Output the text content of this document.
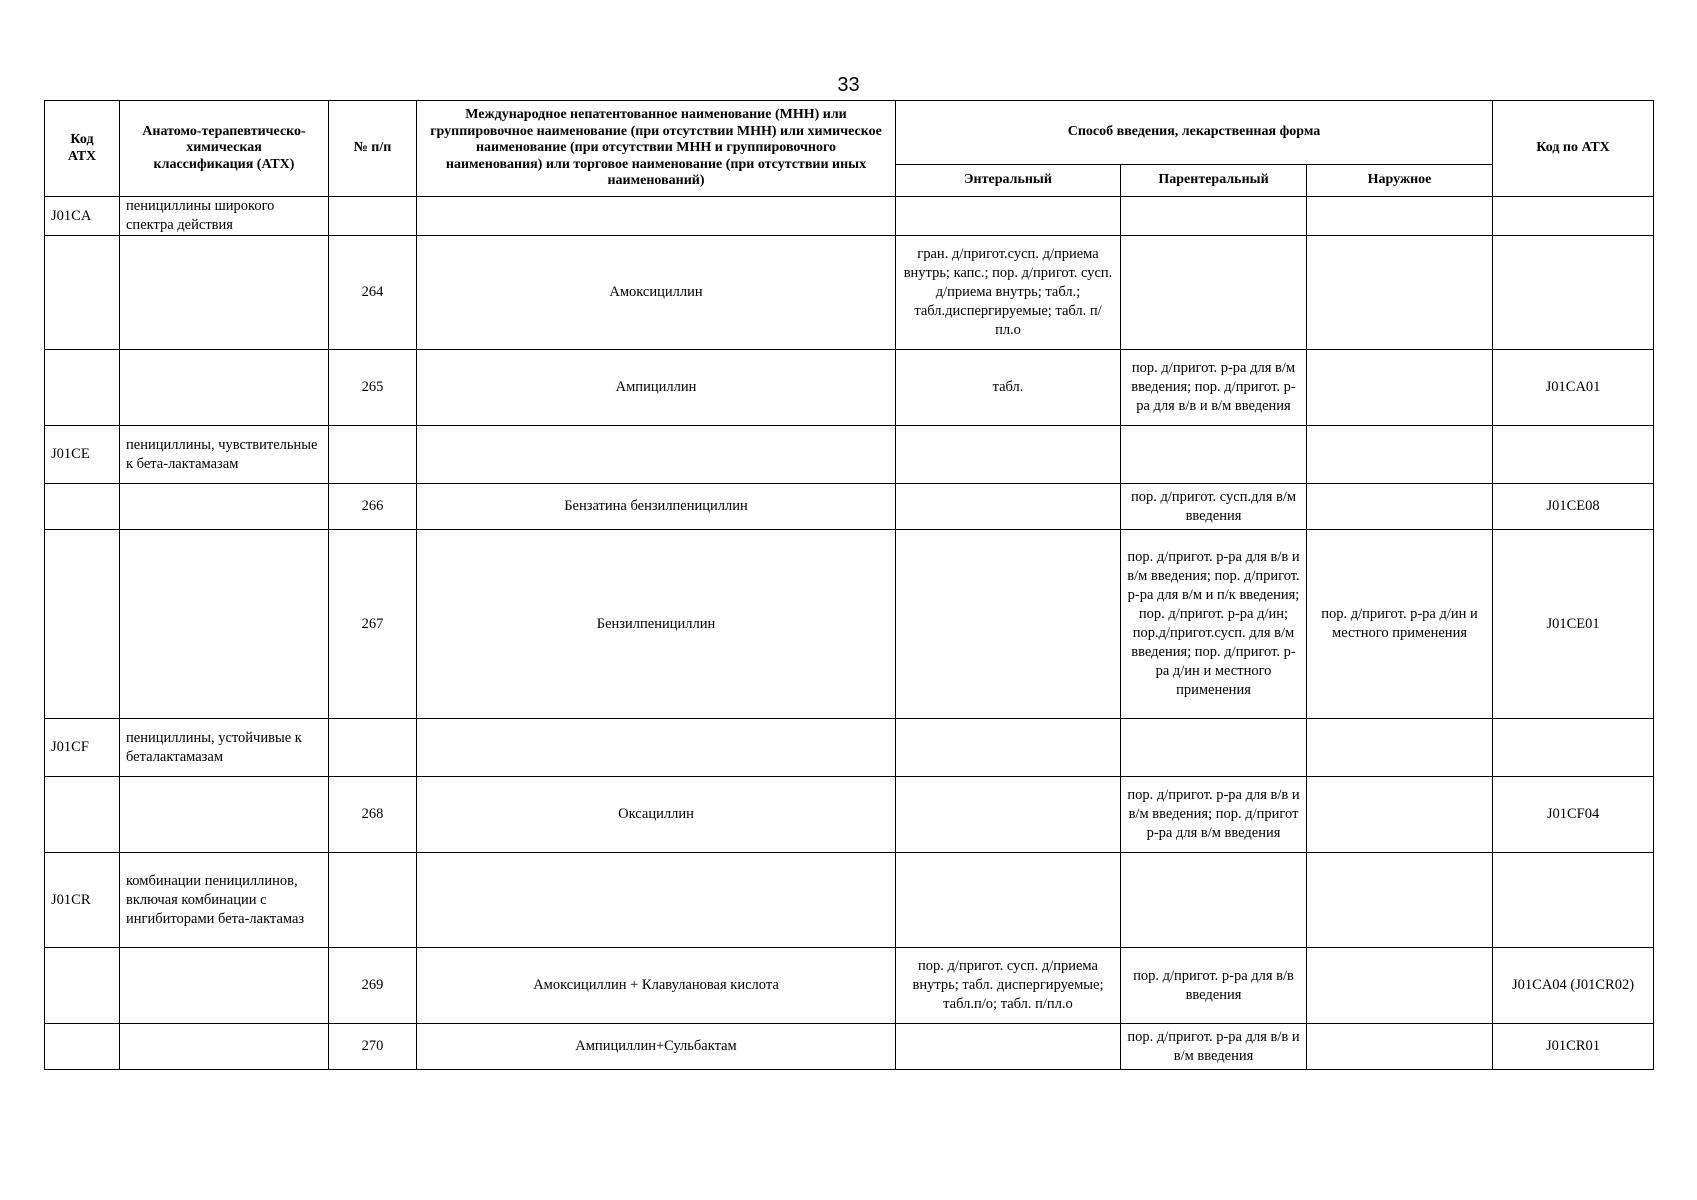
33
Код АТХ	Анатомо-терапевтическо-химическая классификация (АТХ)	№ п/п	Международное непатентованное наименование (МНН) или группировочное наименование (при отсутствии МНН) или химическое наименование (при отсутствии МНН и группировочного наименования) или торговое наименование (при отсутствии иных наименований)	Способ введения, лекарственная форма			Код по АТХ
				Энтеральный	Парентеральный	Наружное	
J01CA	пенициллины широкого спектра действия						
		264	Амоксициллин	гран. д/пригот.сусп. д/приема внутрь; капс.; пор. д/пригот. сусп. д/приема внутрь; табл.; табл.диспергируемые; табл. п/пл.о			
		265	Ампициллин	табл.	пор. д/пригот. р-ра для в/м введения; пор. д/пригот. р-ра для в/в и в/м введения		J01CA01
J01CE	пенициллины, чувствительные к бета-лактамазам						
		266	Бензатина бензилпенициллин		пор. д/пригот. сусп.для в/м введения		J01CE08
		267	Бензилпенициллин		пор. д/пригот. р-ра для в/в и в/м введения; пор. д/пригот. р-ра для в/м и п/к введения; пор. д/пригот. р-ра д/ин; пор.д/пригот.сусп. для в/м введения; пор. д/пригот. р-ра д/ин и местного применения	пор. д/пригот. р-ра д/ин и местного применения	J01CE01
J01CF	пенициллины, устойчивые к беталактамазам						
		268	Оксациллин		пор. д/пригот. р-ра для в/в и в/м введения; пор. д/пригот р-ра для в/м введения		J01CF04
J01CR	комбинации пенициллинов, включая комбинации с ингибиторами бета-лактамаз						
		269	Амоксициллин + Клавулановая кислота	пор. д/пригот. сусп. д/приема внутрь; табл. диспергируемые; табл.п/о; табл. п/пл.о	пор. д/пригот. р-ра для в/в введения		J01CA04 (J01CR02)
		270	Ампициллин+Сульбактам		пор. д/пригот. р-ра для в/в и в/м введения		J01CR01
